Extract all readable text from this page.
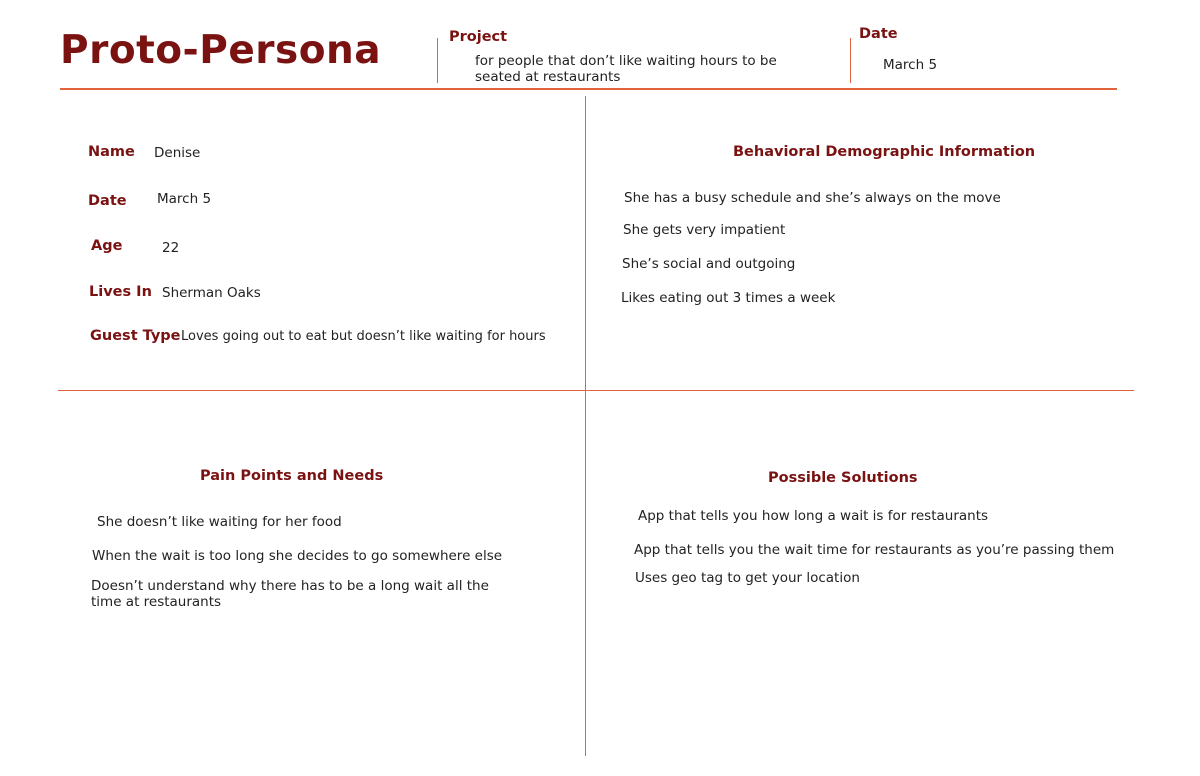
Proto-Persona	Project
for people that don’t like waiting hours to be seated at restaurants
Date
March 5
Name Denise
Date March 5
Age	22
Lives In Sherman Oaks
Guest Type Loves going out to eat but doesn’t like waiting for hours
Behavioral Demographic Information
She has a busy schedule and she’s always on the move
She gets very impatient
She’s social and outgoing
Likes eating out 3 times a week
Pain Points and Needs
She doesn’t like waiting for her food
When the wait is too long she decides to go somewhere else
Doesn’t understand why there has to be a long wait all the time at restaurants
Possible Solutions
App that tells you how long a wait is for restaurants
App that tells you the wait time for restaurants as you’re passing them
Uses geo tag to get your location
